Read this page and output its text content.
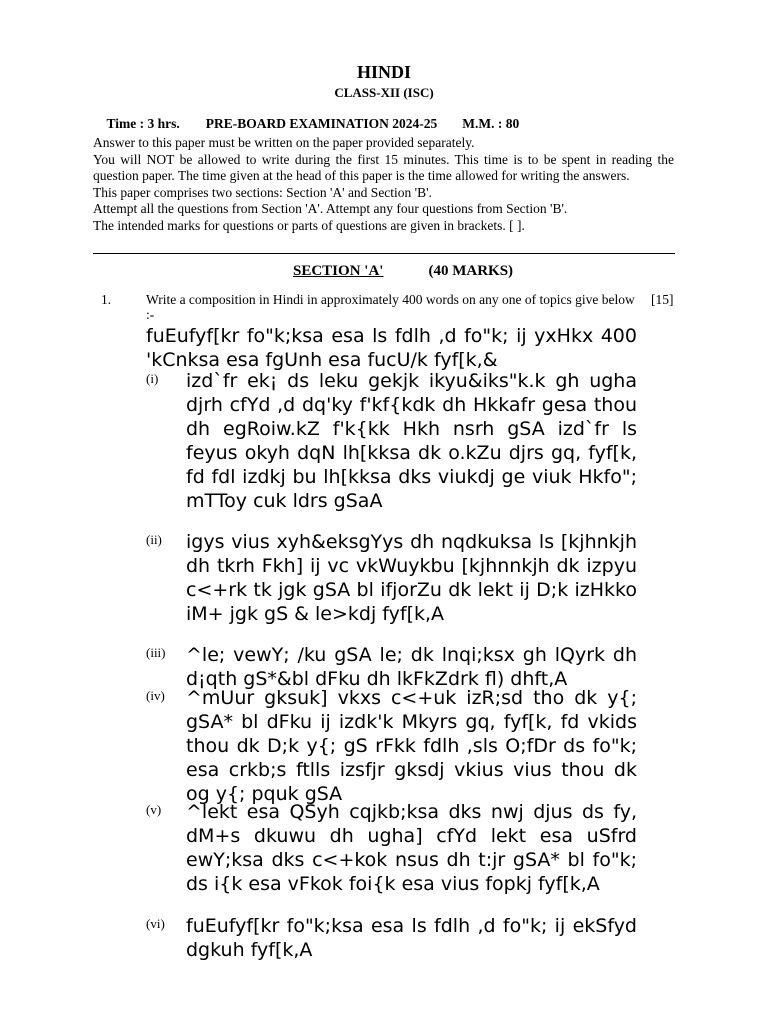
HINDI
CLASS-XII (ISC)

Time : 3 hrs. PRE-BOARD EXAMINATION 2024-25 M.M. : 80

Answer to this paper must be written on the paper provided separately.

You will NOT be allowed to write during the first 15 minutes. This time is to be spent in reading the question paper. The time given at the head of this paper is the time allowed for writing the answers.

This paper comprises two sections: Section 'A' and Section 'B'.

Attempt all the questions from Section 'A'. Attempt any four questions from Section 'B'.

The intended marks for questions or parts of questions are given in brackets. [ ].

SECTION 'A'	(40 MARKS)
1.	Write a composition in Hindi in approximately 400 words on any one of topics give below :-
[15]
fuEufyf[kr fo"k;ksa esa ls fdlh ,d fo"k; ij yxHkx 400 'kCnksa esa fgUnh esa fucU/k fyf[k,&
(i) izd`fr ek¡ ds leku gekjk ikyu&iks"k.k gh ugha djrh cfYd ,d dq'ky f'kf{kdk dh Hkkafr gesa thou dh egRoiw.kZ f'k{kk Hkh nsrh gSA izd`fr ls feyus okyh dqN lh[kksa dk o.kZu djrs gq, fyf[k, fd fdl izdkj bu lh[kksa dks viukdj ge viuk Hkfo"; mTToy cuk ldrs gSaA
(ii) igys vius xyh&eksgYys dh nqdkuksa ls [kjhnkjh dh tkrh Fkh] ij vc vkWuykbu [kjhnnkjh dk izpyu c<+rk tk jgk gSA bl ifjorZu dk lekt ij D;k izHkko iM+ jgk gS & le>kdj fyf[k,A
(iii) ^le; vewY; /ku gSA le; dk lnqi;ksx gh lQyrk dh d¡qth gS*&bl dFku dh lkFkZdrk fl) dhft,A
(iv) ^mUur gksuk] vkxs c<+uk izR;sd tho dk y{; gSA* bl dFku ij izdk'k Mkyrs gq, fyf[k, fd vkids thou dk D;k y{; gS rFkk fdlh ,sls O;fDr ds fo"k; esa crkb;s ftlls izsfjr gksdj vkius vius thou dk og y{; pquk gSA
(v) ^lekt esa QSyh cqjkb;ksa dks nwj djus ds fy, dM+s dkuwu dh ugha] cfYd lekt esa uSfrd ewY;ksa dks c<+kok nsus dh t:jr gSA* bl fo"k; ds i{k esa vFkok foi{k esa vius fopkj fyf[k,A
(vi) fuEufyf[kr fo"k;ksa esa ls fdlh ,d fo"k; ij ekSfyd dgkuh fyf[k,A
